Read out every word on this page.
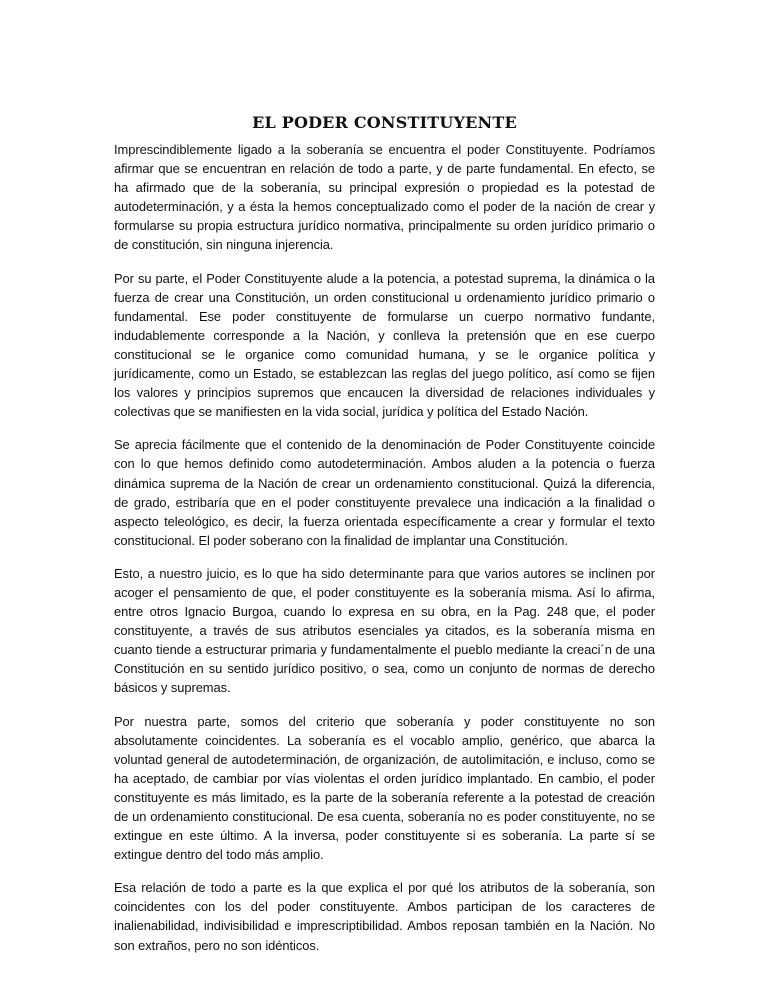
EL PODER CONSTITUYENTE

Imprescindiblemente ligado a la soberanía se encuentra el poder Constituyente. Podríamos afirmar que se encuentran en relación de todo a parte, y de parte fundamental. En efecto, se ha afirmado que de la soberanía, su principal expresión o propiedad es la potestad de autodeterminación, y a ésta la hemos conceptualizado como el poder de la nación de crear y formularse su propia estructura jurídico normativa, principalmente su orden jurídico primario o de constitución, sin ninguna injerencia.

Por su parte, el Poder Constituyente alude a la potencia, a potestad suprema, la dinámica o la fuerza de crear una Constitución, un orden constitucional u ordenamiento jurídico primario o fundamental. Ese poder constituyente de formularse un cuerpo normativo fundante, indudablemente corresponde a la Nación, y conlleva la pretensión que en ese cuerpo constitucional se le organice como comunidad humana, y se le organice política y jurídicamente, como un Estado, se establezcan las reglas del juego político, así como se fijen los valores y principios supremos que encaucen la diversidad de relaciones individuales y colectivas que se manifiesten en la vida social, jurídica y política del Estado Nación.

Se aprecia fácilmente que el contenido de la denominación de Poder Constituyente coincide con lo que hemos definido como autodeterminación. Ambos aluden a la potencia o fuerza dinámica suprema de la Nación de crear un ordenamiento constitucional. Quizá la diferencia, de grado, estribaría que en el poder constituyente prevalece una indicación a la finalidad o aspecto teleológico, es decir, la fuerza orientada específicamente a crear y formular el texto constitucional. El poder soberano con la finalidad de implantar una Constitución.

Esto, a nuestro juicio, es lo que ha sido determinante para que varios autores se inclinen por acoger el pensamiento de que, el poder constituyente es la soberanía misma. Así lo afirma, entre otros Ignacio Burgoa, cuando lo expresa en su obra, en la Pag. 248 que, el poder constituyente, a través de sus atributos esenciales ya citados, es la soberanía misma en cuanto tiende a estructurar primaria y fundamentalmente el pueblo mediante la creaci´n de una Constitución en su sentido jurídico positivo, o sea, como un conjunto de normas de derecho básicos y supremas.

Por nuestra parte, somos del criterio que soberanía y poder constituyente no son absolutamente coincidentes. La soberanía es el vocablo amplio, genérico, que abarca la voluntad general de autodeterminación, de organización, de autolimitación, e incluso, como se ha aceptado, de cambiar por vías violentas el orden jurídico implantado. En cambio, el poder constituyente es más limitado, es la parte de la soberanía referente a la potestad de creación de un ordenamiento constitucional. De esa cuenta, soberanía no es poder constituyente, no se extingue en este último. A la inversa, poder constituyente si es soberanía. La parte sí se extingue dentro del todo más amplio.

Esa relación de todo a parte es la que explica el por qué los atributos de la soberanía, son coincidentes con los del poder constituyente. Ambos participan de los caracteres de inalienabilidad, indivisibilidad e imprescriptibilidad. Ambos reposan también en la Nación. No son extraños, pero no son idénticos.
